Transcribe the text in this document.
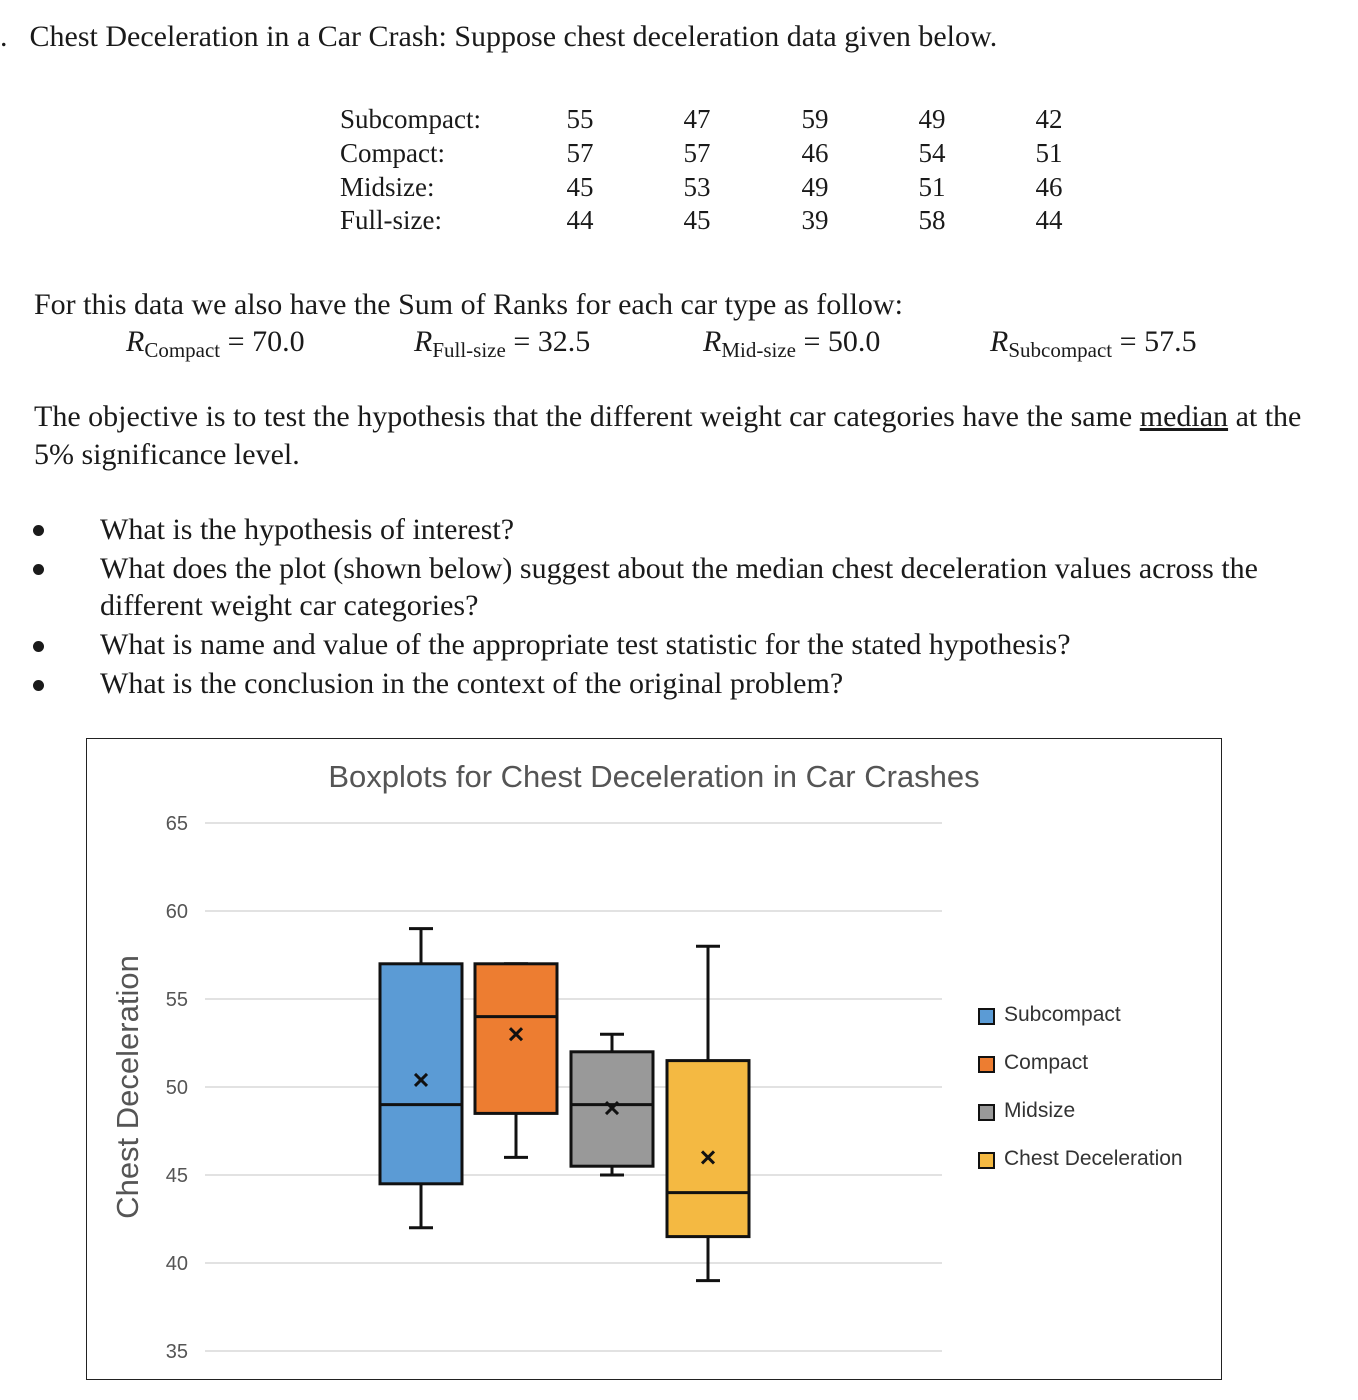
. Chest Deceleration in a Car Crash: Suppose chest deceleration data given below.
Subcompact:	55	47	59	49	42
Compact:	57	57	46	54	51
Midsize:	45	53	49	51	46
Full-size:	44	45	39	58	44
For this data we also have the Sum of Ranks for each car type as follow:
$R_{Compact} = 70.0$	$R_{Full-size} = 32.5$	$R_{Mid-size} = 50.0$	$R_{Subcompact} = 57.5$
The objective is to test the hypothesis that the different weight car categories have the same median at the 5% significance level.
What is the hypothesis of interest?
What does the plot (shown below) suggest about the median chest deceleration values across the different weight car categories?
What is name and value of the appropriate test statistic for the stated hypothesis?
What is the conclusion in the context of the original problem?
Boxplots for Chest Deceleration in Car Crashes
Chest Deceleration
35
40
45
50
55
60
65
Subcompact
Compact
Midsize
Chest Deceleration
